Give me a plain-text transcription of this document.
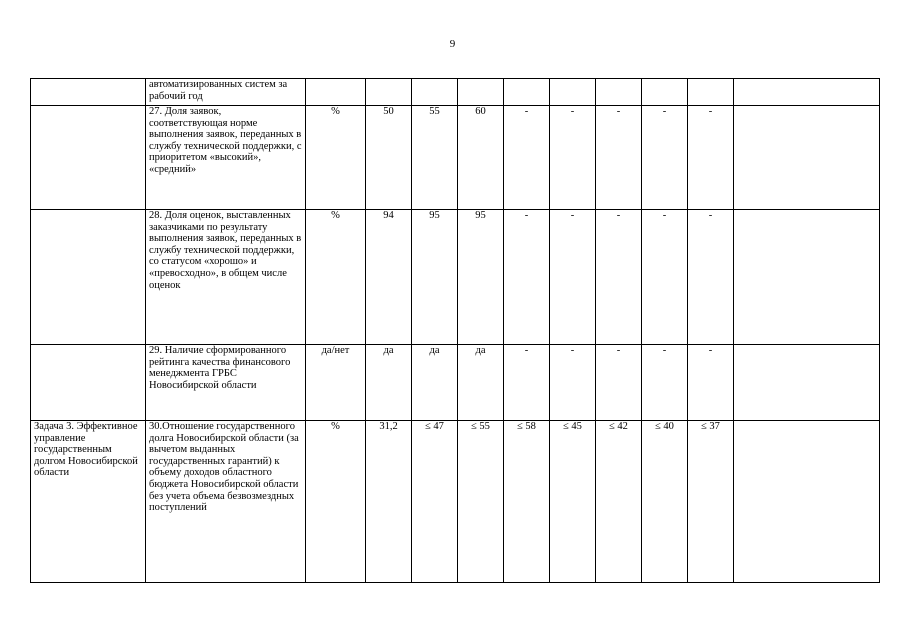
9
	автоматизированных систем за рабочий год											
	27. Доля заявок, соответствующая норме выполнения заявок, переданных в службу технической поддержки, с приоритетом «высокий», «средний»	%	50	55	60	-	-	-	-	-		
	28. Доля оценок, выставленных заказчиками по результату выполнения заявок, переданных в службу технической поддержки, со статусом «хорошо» и «превосходно», в общем числе оценок	%	94	95	95	-	-	-	-	-		
	29. Наличие сформированного рейтинга качества финансового менеджмента ГРБС Новосибирской области	да/нет	да	да	да	-	-	-	-	-		
Задача 3. Эффективное управление государственным долгом Новосибирской области	30.Отношение государственного долга Новосибирской области (за вычетом выданных государственных гарантий) к объему доходов областного бюджета Новосибирской области без учета объема безвозмездных поступлений	%	31,2	≤ 47	≤ 55	≤ 58	≤ 45	≤ 42	≤ 40	≤ 37		
